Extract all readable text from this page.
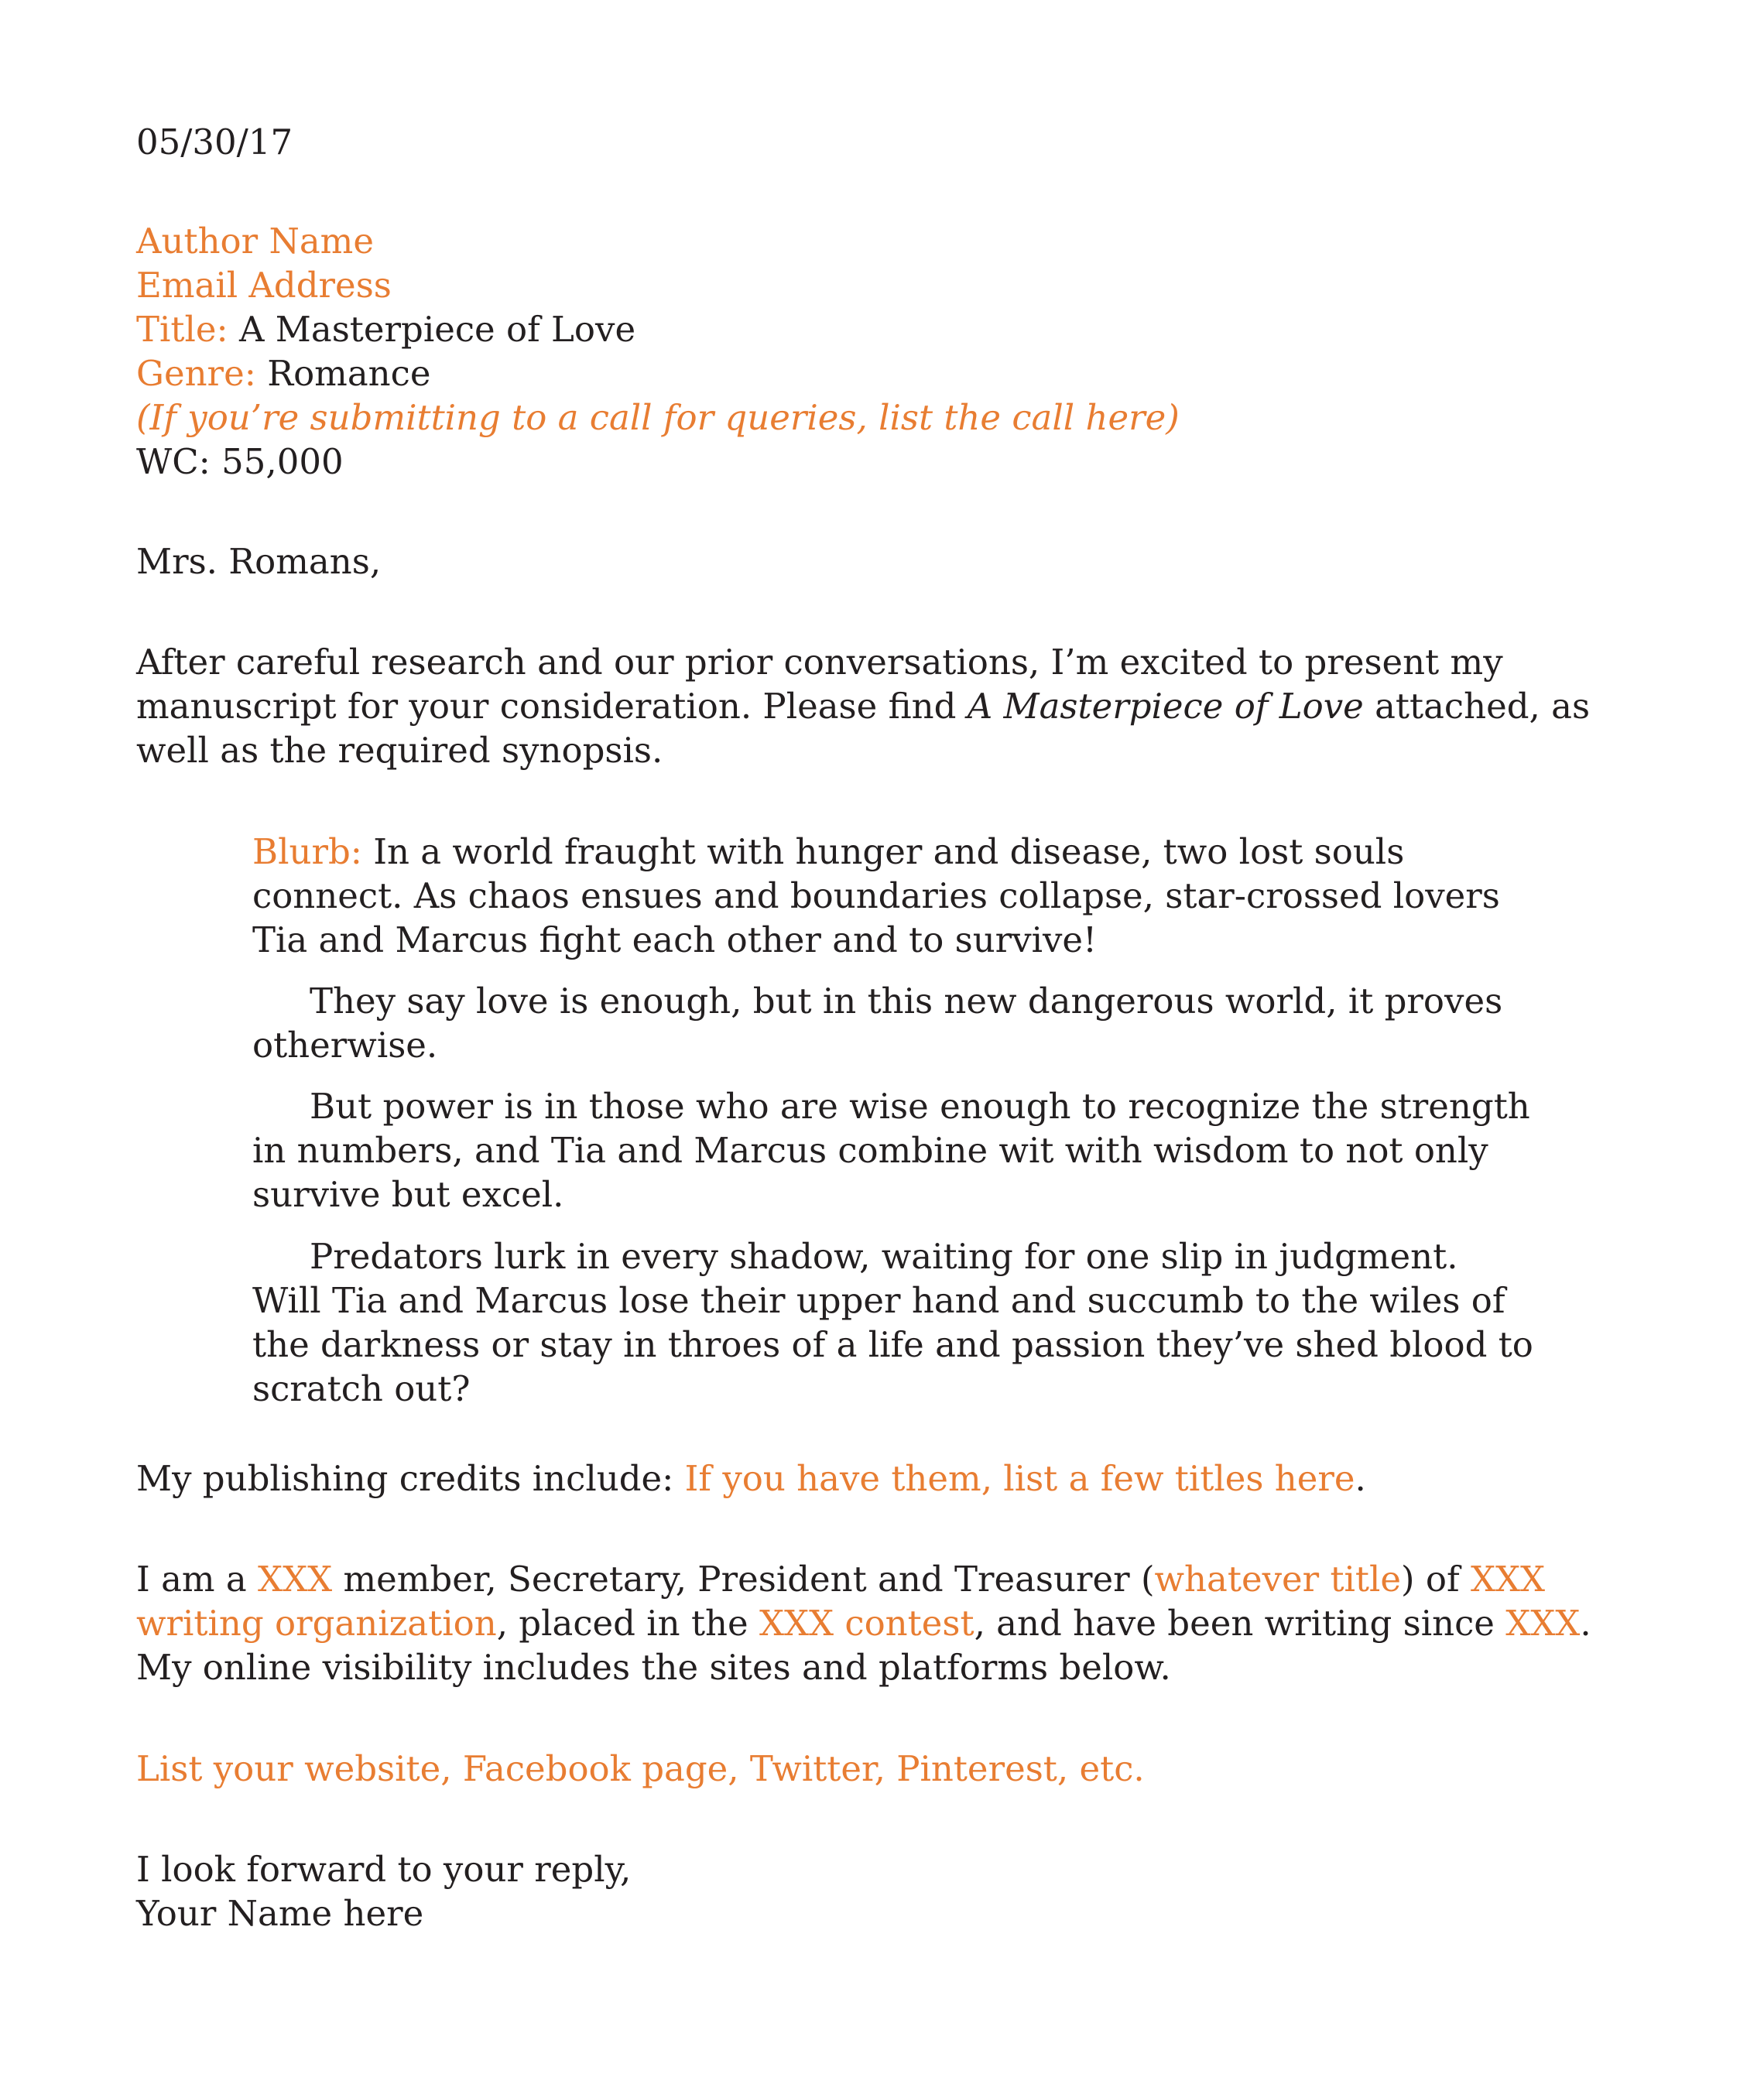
05/30/17

Author Name

Email Address

Title: A Masterpiece of Love

Genre: Romance

(If you’re submitting to a call for queries, list the call here)

WC: 55,000

Mrs. Romans,

After careful research and our prior conversations, I’m excited to present my manuscript for your consideration. Please find A Masterpiece of Love attached, as well as the required synopsis.

Blurb: In a world fraught with hunger and disease, two lost souls connect. As chaos ensues and boundaries collapse, star-crossed lovers Tia and Marcus fight each other and to survive!

They say love is enough, but in this new dangerous world, it proves otherwise.

But power is in those who are wise enough to recognize the strength in numbers, and Tia and Marcus combine wit with wisdom to not only survive but excel.

Predators lurk in every shadow, waiting for one slip in judgment. Will Tia and Marcus lose their upper hand and succumb to the wiles of the darkness or stay in throes of a life and passion they’ve shed blood to scratch out?

My publishing credits include: If you have them, list a few titles here.

I am a XXX member, Secretary, President and Treasurer (whatever title) of XXX writing organization, placed in the XXX contest, and have been writing since XXX. My online visibility includes the sites and platforms below.

List your website, Facebook page, Twitter, Pinterest, etc.

I look forward to your reply,

Your Name here
